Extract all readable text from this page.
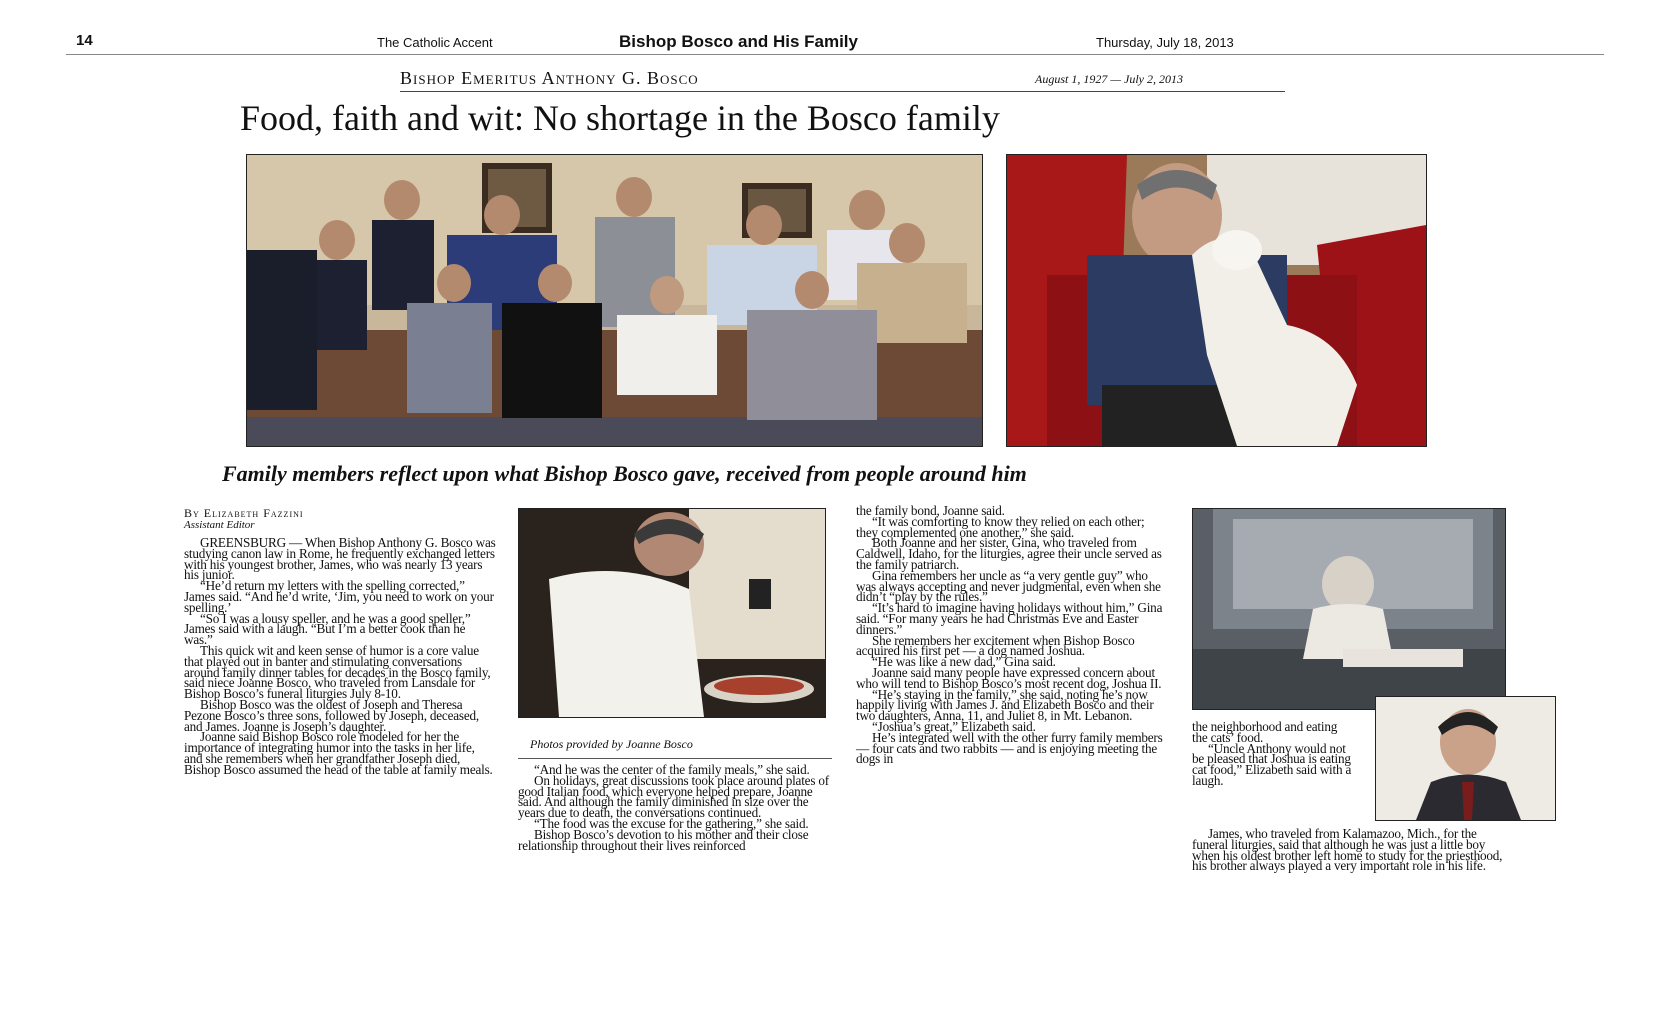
14	The Catholic Accent	Bishop Bosco and His Family	Thursday, July 18, 2013
Bishop Emeritus Anthony G. Bosco	August 1, 1927 — July 2, 2013
Food, faith and wit: No shortage in the Bosco family
Family members reflect upon what Bishop Bosco gave, received from people around him
By Elizabeth Fazzini
Assistant Editor

GREENSBURG — When Bishop Anthony G. Bosco was studying canon law in Rome, he frequently exchanged letters with his youngest brother, James, who was nearly 13 years his junior.

“He’d return my letters with the spelling corrected,” James said. “And he’d write, ‘Jim, you need to work on your spelling.’

“So I was a lousy speller, and he was a good speller,” James said with a laugh. “But I’m a better cook than he was.”

This quick wit and keen sense of humor is a core value that played out in banter and stimulating conversations around family dinner tables for decades in the Bosco family, said niece Joanne Bosco, who traveled from Lansdale for Bishop Bosco’s funeral liturgies July 8-10.

Bishop Bosco was the oldest of Joseph and Theresa Pezone Bosco’s three sons, followed by Joseph, deceased, and James. Joanne is Joseph’s daughter.

Joanne said Bishop Bosco role modeled for her the importance of integrating humor into the tasks in her life, and she remembers when her grandfather Joseph died, Bishop Bosco assumed the head of the table at family meals.

Photos provided by Joanne Bosco

“And he was the center of the family meals,” she said.

On holidays, great discussions took place around plates of good Italian food, which everyone helped prepare, Joanne said. And although the family diminished in size over the years due to death, the conversations continued.

“The food was the excuse for the gathering,” she said.

Bishop Bosco’s devotion to his mother and their close relationship throughout their lives reinforced

the family bond, Joanne said.

“It was comforting to know they relied on each other; they complemented one another,” she said.

Both Joanne and her sister, Gina, who traveled from Caldwell, Idaho, for the liturgies, agree their uncle served as the family patriarch.

Gina remembers her uncle as “a very gentle guy” who was always accepting and never judgmental, even when she didn’t “play by the rules.”

“It’s hard to imagine having holidays without him,” Gina said. “For many years he had Christmas Eve and Easter dinners.”

She remembers her excitement when Bishop Bosco acquired his first pet — a dog named Joshua.

“He was like a new dad,” Gina said.

Joanne said many people have expressed concern about who will tend to Bishop Bosco’s most recent dog, Joshua II.

“He’s staying in the family,” she said, noting he’s now happily living with James J. and Elizabeth Bosco and their two daughters, Anna, 11, and Juliet 8, in Mt. Lebanon.

“Joshua’s great,” Elizabeth said.

He’s integrated well with the other furry family members — four cats and two rabbits — and is enjoying meeting the dogs in

the neighborhood and eating the cats’ food.

“Uncle Anthony would not be pleased that Joshua is eating cat food,” Elizabeth said with a laugh.

James, who traveled from Kalamazoo, Mich., for the funeral liturgies, said that although he was just a little boy when his oldest brother left home to study for the priesthood, his brother always played a very important role in his life.
